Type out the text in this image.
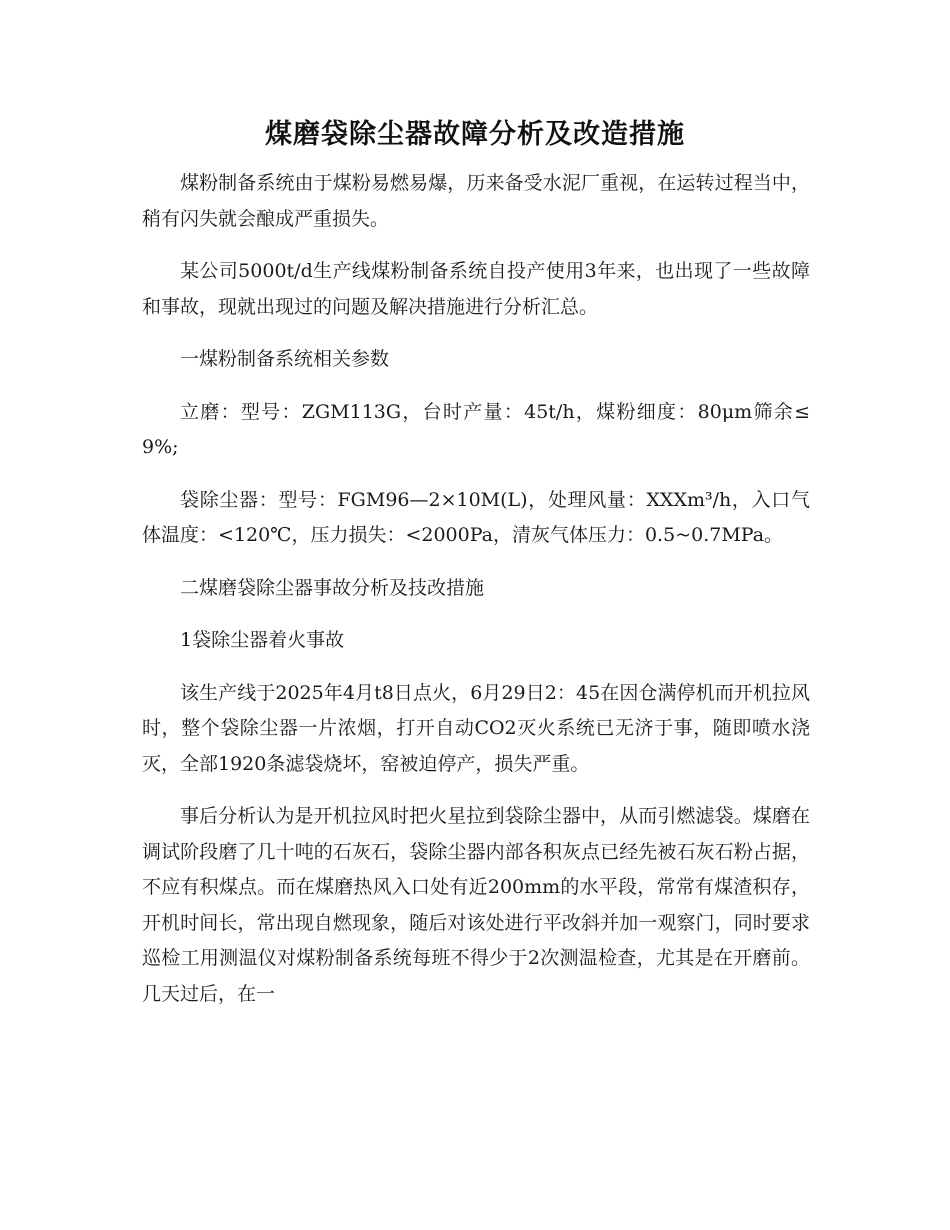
煤磨袋除尘器故障分析及改造措施

煤粉制备系统由于煤粉易燃易爆，历来备受水泥厂重视，在运转过程当中，稍有闪失就会酿成严重损失。

某公司5000t/d生产线煤粉制备系统自投产使用3年来，也出现了一些故障和事故，现就出现过的问题及解决措施进行分析汇总。

一煤粉制备系统相关参数

立磨：型号：ZGM113G，台时产量：45t/h，煤粉细度：80μm筛余≤9%;

袋除尘器：型号：FGM96—2×10M(L)，处理风量：XXXm³/h，入口气体温度：<120℃，压力损失：<2000Pa，清灰气体压力：0.5~0.7MPa。

二煤磨袋除尘器事故分析及技改措施

1袋除尘器着火事故

该生产线于2025年4月t8日点火，6月29日2：45在因仓满停机而开机拉风时，整个袋除尘器一片浓烟，打开自动CO2灭火系统已无济于事，随即喷水浇灭，全部1920条滤袋烧坏，窑被迫停产，损失严重。

事后分析认为是开机拉风时把火星拉到袋除尘器中，从而引燃滤袋。煤磨在调试阶段磨了几十吨的石灰石，袋除尘器内部各积灰点已经先被石灰石粉占据，不应有积煤点。而在煤磨热风入口处有近200mm的水平段，常常有煤渣积存，开机时间长，常出现自燃现象，随后对该处进行平改斜并加一观察门，同时要求巡检工用测温仪对煤粉制备系统每班不得少于2次测温检查，尤其是在开磨前。几天过后，在一
